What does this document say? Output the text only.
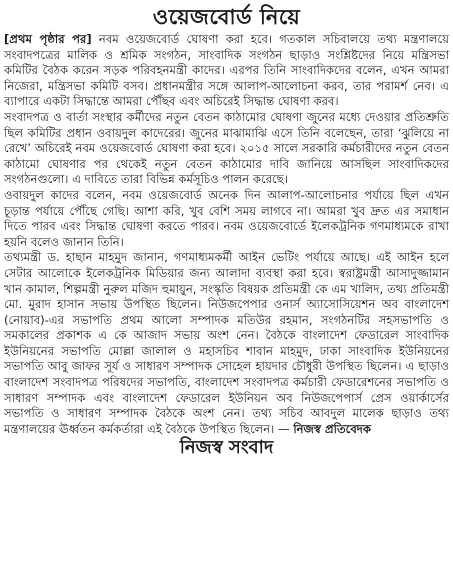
ওয়েজবোর্ড নিয়ে

[প্রথম পৃষ্ঠার পর] নবম ওয়েজবোর্ড ঘোষণা করা হবে। গতকাল সচিবালয়ে তথ্য মন্ত্রণালয়ে সংবাদপত্রের মালিক ও শ্রমিক সংগঠন, সাংবাদিক সংগঠন ছাড়াও সংশ্লিষ্টদের নিয়ে মন্ত্রিসভা কমিটির বৈঠক করেন সড়ক পরিবহনমন্ত্রী কাদের। এরপর তিনি সাংবাদিকদের বলেন, এখন আমরা নিজেরা, মন্ত্রিসভা কমিটি বসব। প্রধানমন্ত্রীর সঙ্গে আলাপ-আলোচনা করব, তার পরামর্শ নেব। এ ব্যাপারে একটা সিদ্ধান্তে আমরা পৌঁছব এবং অচিরেই সিদ্ধান্ত ঘোষণা করব।

সংবাদপত্র ও বার্তা সংস্থার কর্মীদের নতুন বেতন কাঠামোর ঘোষণা জুনের মধ্যে দেওয়ার প্রতিশ্রুতি ছিল কমিটির প্রধান ওবায়দুল কাদেরের। জুনের মাঝামাঝি এসে তিনি বলেছেন, তারা ‘ঝুলিয়ে না রেখে’ অচিরেই নবম ওয়েজবোর্ড ঘোষণা করা হবে। ২০১৫ সালে সরকারি কর্মচারীদের নতুন বেতন কাঠামো ঘোষণার পর থেকেই নতুন বেতন কাঠামোর দাবি জানিয়ে আসছিল সাংবাদিকদের সংগঠনগুলো। এ দাবিতে তারা বিভিন্ন কর্মসূচিও পালন করেছে।

ওবায়দুল কাদের বলেন, নবম ওয়েজবোর্ড অনেক দিন আলাপ-আলোচনার পর্যায়ে ছিল এখন চূড়ান্ত পর্যায়ে পৌঁছে গেছি। আশা করি, খুব বেশি সময় লাগবে না। আমরা খুব দ্রুত এর সমাধান দিতে পারব এবং সিদ্ধান্ত ঘোষণা করতে পারব। নবম ওয়েজবোর্ডে ইলেকট্রনিক গণমাধ্যমকে রাখা হয়নি বলেও জানান তিনি।

তথ্যমন্ত্রী ড. হাছান মাহমুদ জানান, গণমাধ্যমকর্মী আইন ভেটিং পর্যায়ে আছে। এই আইন হলে সেটার আলোকে ইলেকট্রনিক মিডিয়ার জন্য আলাদা ব্যবস্থা করা হবে। স্বরাষ্ট্রমন্ত্রী আসাদুজ্জামান খান কামাল, শিল্পমন্ত্রী নুরুল মজিদ হুমায়ুন, সংস্কৃতি বিষয়ক প্রতিমন্ত্রী কে এম খালিদ, তথ্য প্রতিমন্ত্রী মো. মুরাদ হাসান সভায় উপস্থিত ছিলেন। নিউজপেপার ওনার্স অ্যাসোসিয়েশন অব বাংলাদেশ (নোয়াব)-এর সভাপতি প্রথম আলো সম্পাদক মতিউর রহমান, সংগঠনটির সহসভাপতি ও সমকালের প্রকাশক এ কে আজাদ সভায় অংশ নেন। বৈঠকে বাংলাদেশ ফেডারেল সাংবাদিক ইউনিয়নের সভাপতি মোল্লা জালাল ও মহাসচিব শাবান মাহমুদ, ঢাকা সাংবাদিক ইউনিয়নের সভাপতি আবু জাফর সূর্য ও সাধারণ সম্পাদক সোহেল হায়দার চৌধুরী উপস্থিত ছিলেন। এ ছাড়াও বাংলাদেশ সংবাদপত্র পরিষদের সভাপতি, বাংলাদেশ সংবাদপত্র কর্মচারী ফেডারেশনের সভাপতি ও সাধারণ সম্পাদক এবং বাংলাদেশ ফেডারেল ইউনিয়ন অব নিউজপেপার্স প্রেস ওয়ার্কার্সের সভাপতি ও সাধারণ সম্পাদক বৈঠকে অংশ নেন। তথ্য সচিব আবদুল মালেক ছাড়াও তথ্য মন্ত্রণালয়ের ঊর্ধ্বতন কর্মকর্তারা এই বৈঠকে উপস্থিত ছিলেন। — নিজস্ব প্রতিবেদক

নিজস্ব সংবাদ
